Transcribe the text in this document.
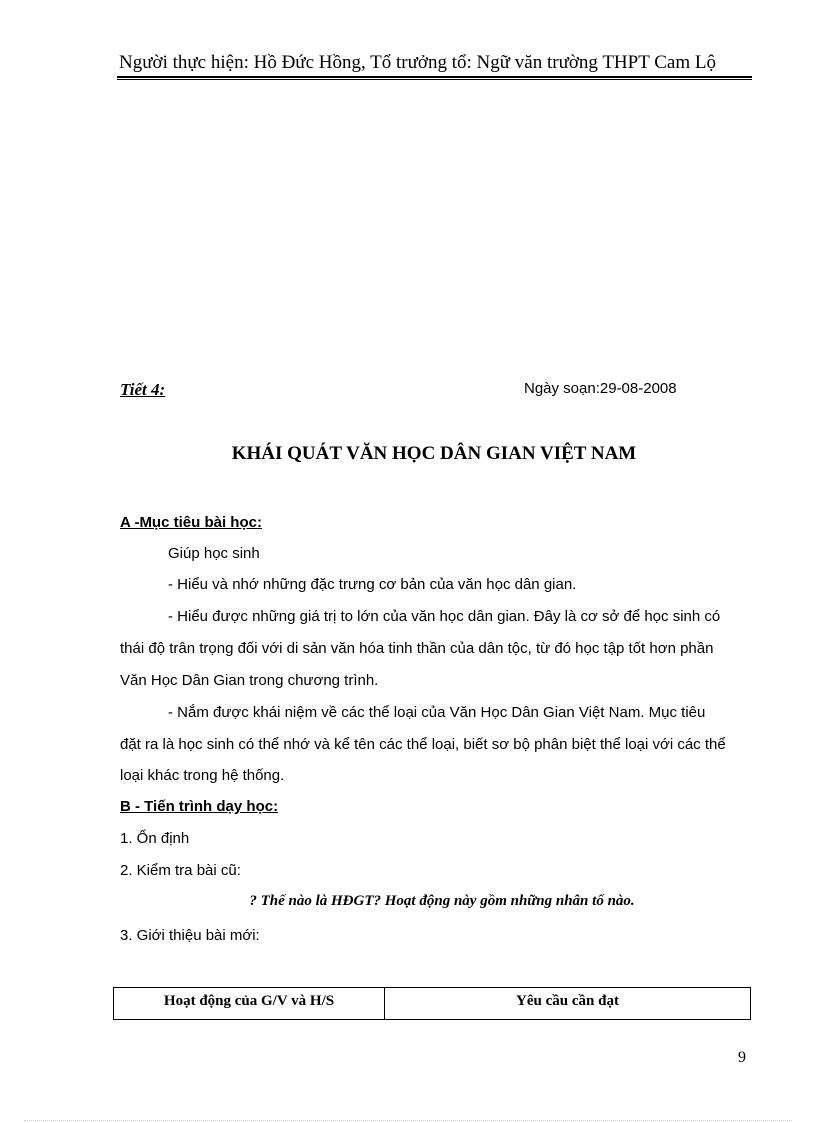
Người thực hiện: Hồ Đức Hồng, Tổ trưởng tổ: Ngữ văn trường THPT Cam Lộ
Tiết 4:	Ngày soạn:29-08-2008
KHÁI QUÁT VĂN HỌC DÂN GIAN VIỆT NAM
A -Mục tiêu bài học:
Giúp học sinh
- Hiểu và nhớ những đặc trưng cơ bản của văn học dân gian.
- Hiểu được những giá trị to lớn của văn học dân gian. Đây là cơ sở để học sinh có
thái độ trân trọng đối với di sản văn hóa tinh thần của dân tộc, từ đó học tập tốt hơn phần
Văn Học Dân Gian trong chương trình.
- Nắm được khái niệm về các thể loại của Văn Học Dân Gian Việt Nam. Mục tiêu
đặt ra là học sinh có thể nhớ và kể tên các thể loại, biết sơ bộ phân biệt thể loại với các thể
loại khác trong hệ thống.
B - Tiến trình dạy học:
1. Ổn định
2. Kiểm tra bài cũ:
? Thế nào là HĐGT? Hoạt động này gồm những nhân tố nào.
3. Giới thiệu bài mới:
Hoạt động của G/V và H/S	Yêu cầu cần đạt
9
